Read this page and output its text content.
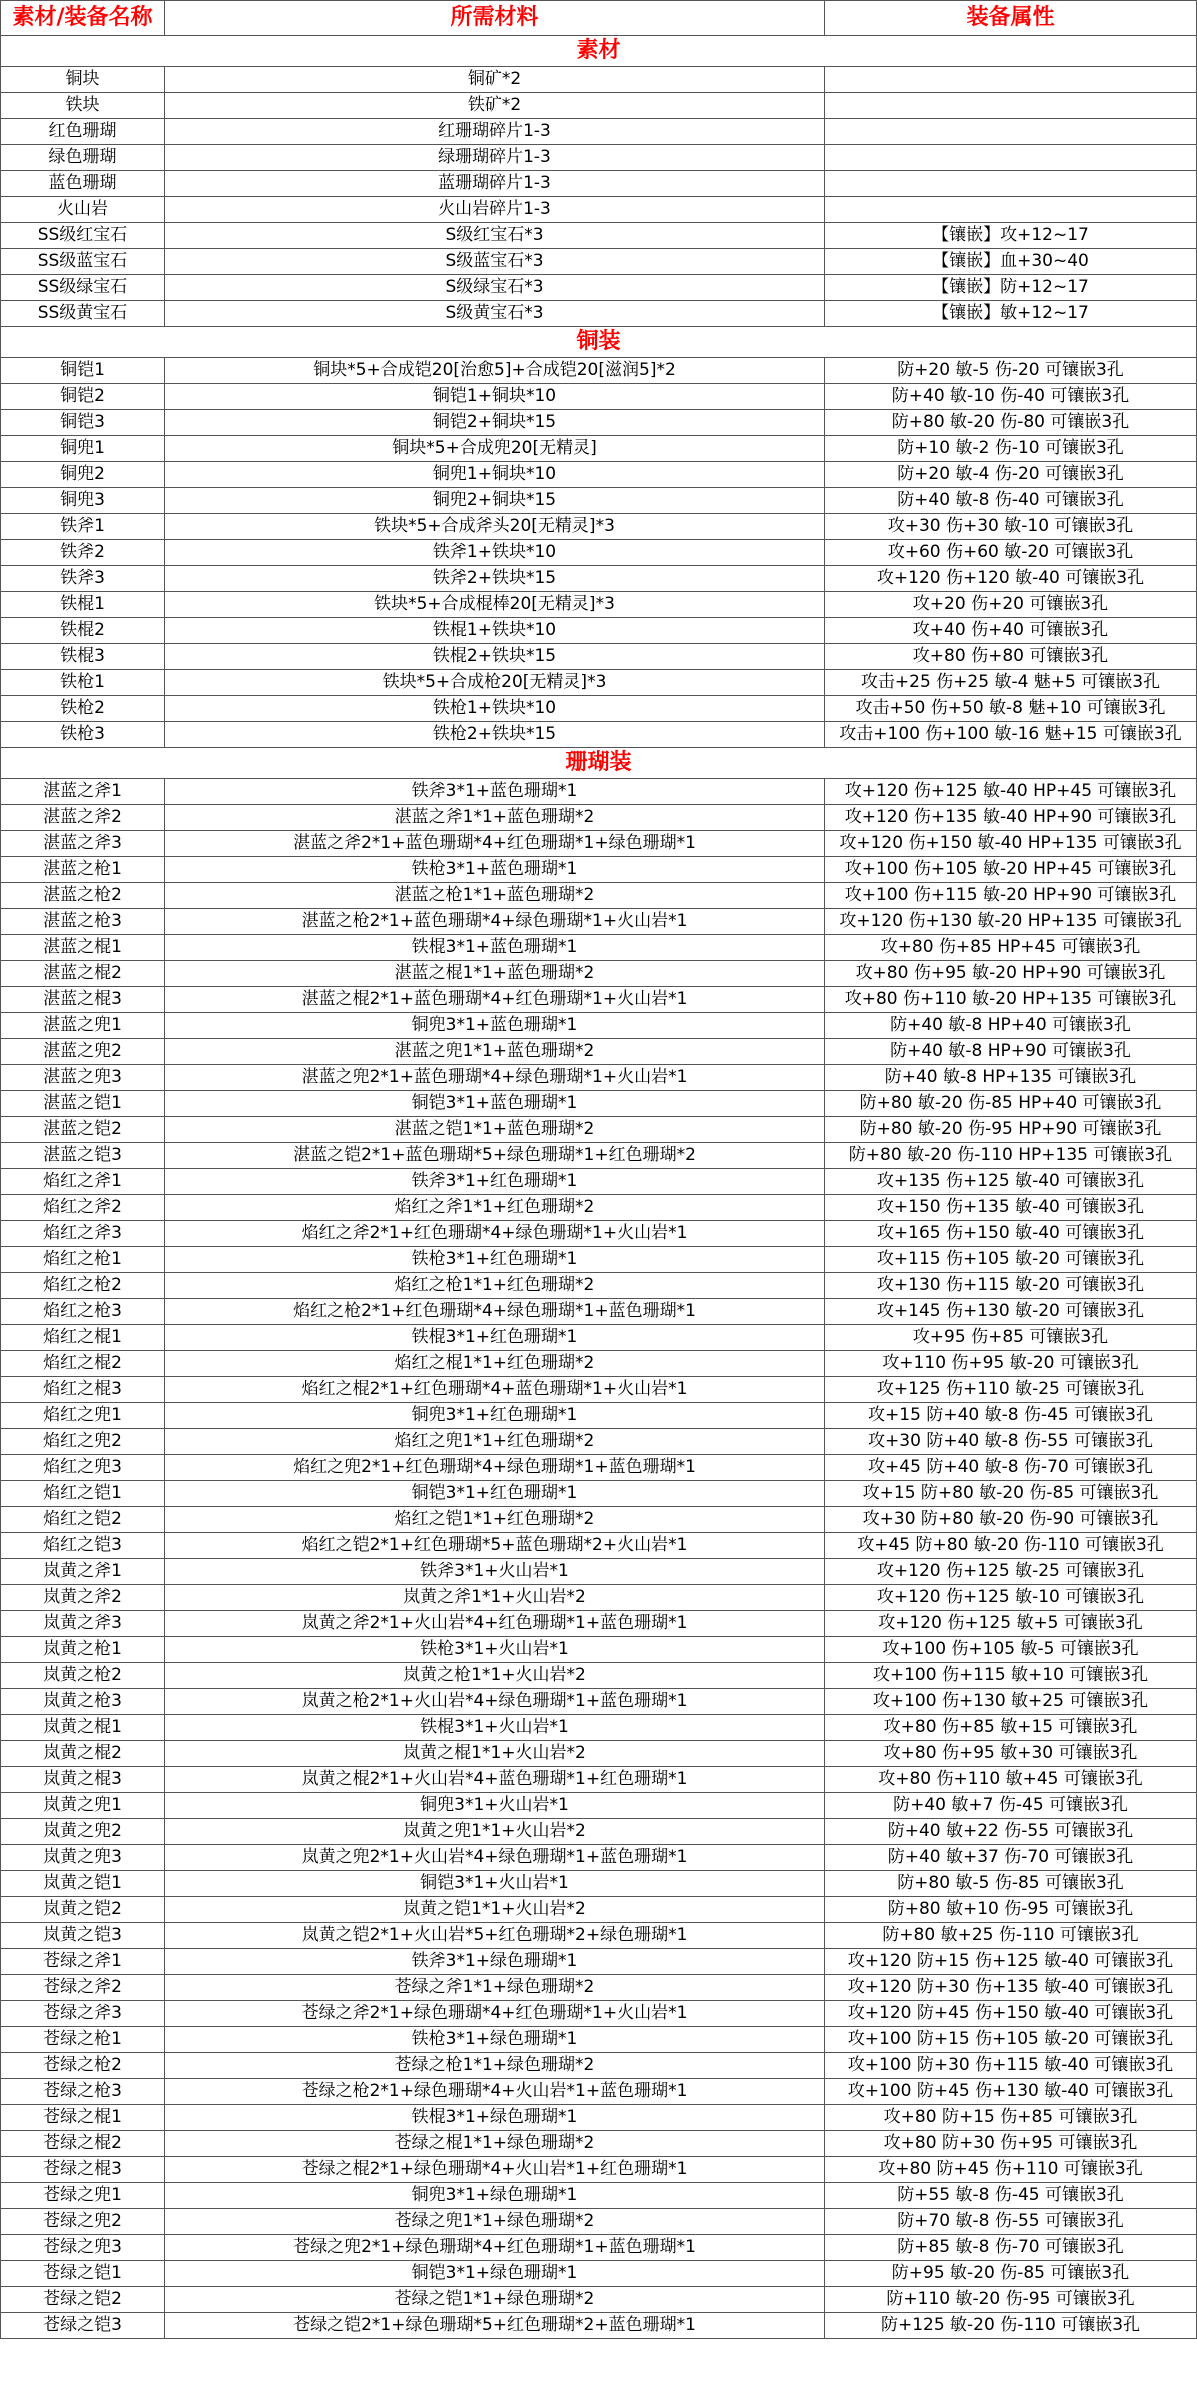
素材/装备名称	所需材料	装备属性
素材		
铜块	铜矿*2	
铁块	铁矿*2	
红色珊瑚	红珊瑚碎片1-3	
绿色珊瑚	绿珊瑚碎片1-3	
蓝色珊瑚	蓝珊瑚碎片1-3	
火山岩	火山岩碎片1-3	
SS级红宝石	S级红宝石*3	【镶嵌】攻+12~17
SS级蓝宝石	S级蓝宝石*3	【镶嵌】血+30~40
SS级绿宝石	S级绿宝石*3	【镶嵌】防+12~17
SS级黄宝石	S级黄宝石*3	【镶嵌】敏+12~17
铜装		
铜铠1	铜块*5+合成铠20[治愈5]+合成铠20[滋润5]*2	防+20 敏-5 伤-20 可镶嵌3孔
铜铠2	铜铠1+铜块*10	防+40 敏-10 伤-40 可镶嵌3孔
铜铠3	铜铠2+铜块*15	防+80 敏-20 伤-80 可镶嵌3孔
铜兜1	铜块*5+合成兜20[无精灵]	防+10 敏-2 伤-10 可镶嵌3孔
铜兜2	铜兜1+铜块*10	防+20 敏-4 伤-20 可镶嵌3孔
铜兜3	铜兜2+铜块*15	防+40 敏-8 伤-40 可镶嵌3孔
铁斧1	铁块*5+合成斧头20[无精灵]*3	攻+30 伤+30 敏-10 可镶嵌3孔
铁斧2	铁斧1+铁块*10	攻+60 伤+60 敏-20 可镶嵌3孔
铁斧3	铁斧2+铁块*15	攻+120 伤+120 敏-40 可镶嵌3孔
铁棍1	铁块*5+合成棍棒20[无精灵]*3	攻+20 伤+20 可镶嵌3孔
铁棍2	铁棍1+铁块*10	攻+40 伤+40 可镶嵌3孔
铁棍3	铁棍2+铁块*15	攻+80 伤+80 可镶嵌3孔
铁枪1	铁块*5+合成枪20[无精灵]*3	攻击+25 伤+25 敏-4 魅+5 可镶嵌3孔
铁枪2	铁枪1+铁块*10	攻击+50 伤+50 敏-8 魅+10 可镶嵌3孔
铁枪3	铁枪2+铁块*15	攻击+100 伤+100 敏-16 魅+15 可镶嵌3孔
珊瑚装		
湛蓝之斧1	铁斧3*1+蓝色珊瑚*1	攻+120 伤+125 敏-40 HP+45 可镶嵌3孔
湛蓝之斧2	湛蓝之斧1*1+蓝色珊瑚*2	攻+120 伤+135 敏-40 HP+90 可镶嵌3孔
湛蓝之斧3	湛蓝之斧2*1+蓝色珊瑚*4+红色珊瑚*1+绿色珊瑚*1	攻+120 伤+150 敏-40 HP+135 可镶嵌3孔
湛蓝之枪1	铁枪3*1+蓝色珊瑚*1	攻+100 伤+105 敏-20 HP+45 可镶嵌3孔
湛蓝之枪2	湛蓝之枪1*1+蓝色珊瑚*2	攻+100 伤+115 敏-20 HP+90 可镶嵌3孔
湛蓝之枪3	湛蓝之枪2*1+蓝色珊瑚*4+绿色珊瑚*1+火山岩*1	攻+120 伤+130 敏-20 HP+135 可镶嵌3孔
湛蓝之棍1	铁棍3*1+蓝色珊瑚*1	攻+80 伤+85 HP+45 可镶嵌3孔
湛蓝之棍2	湛蓝之棍1*1+蓝色珊瑚*2	攻+80 伤+95 敏-20 HP+90 可镶嵌3孔
湛蓝之棍3	湛蓝之棍2*1+蓝色珊瑚*4+红色珊瑚*1+火山岩*1	攻+80 伤+110 敏-20 HP+135 可镶嵌3孔
湛蓝之兜1	铜兜3*1+蓝色珊瑚*1	防+40 敏-8 HP+40 可镶嵌3孔
湛蓝之兜2	湛蓝之兜1*1+蓝色珊瑚*2	防+40 敏-8 HP+90 可镶嵌3孔
湛蓝之兜3	湛蓝之兜2*1+蓝色珊瑚*4+绿色珊瑚*1+火山岩*1	防+40 敏-8 HP+135 可镶嵌3孔
湛蓝之铠1	铜铠3*1+蓝色珊瑚*1	防+80 敏-20 伤-85 HP+40 可镶嵌3孔
湛蓝之铠2	湛蓝之铠1*1+蓝色珊瑚*2	防+80 敏-20 伤-95 HP+90 可镶嵌3孔
湛蓝之铠3	湛蓝之铠2*1+蓝色珊瑚*5+绿色珊瑚*1+红色珊瑚*2	防+80 敏-20 伤-110 HP+135 可镶嵌3孔
焰红之斧1	铁斧3*1+红色珊瑚*1	攻+135 伤+125 敏-40 可镶嵌3孔
焰红之斧2	焰红之斧1*1+红色珊瑚*2	攻+150 伤+135 敏-40 可镶嵌3孔
焰红之斧3	焰红之斧2*1+红色珊瑚*4+绿色珊瑚*1+火山岩*1	攻+165 伤+150 敏-40 可镶嵌3孔
焰红之枪1	铁枪3*1+红色珊瑚*1	攻+115 伤+105 敏-20 可镶嵌3孔
焰红之枪2	焰红之枪1*1+红色珊瑚*2	攻+130 伤+115 敏-20 可镶嵌3孔
焰红之枪3	焰红之枪2*1+红色珊瑚*4+绿色珊瑚*1+蓝色珊瑚*1	攻+145 伤+130 敏-20 可镶嵌3孔
焰红之棍1	铁棍3*1+红色珊瑚*1	攻+95 伤+85 可镶嵌3孔
焰红之棍2	焰红之棍1*1+红色珊瑚*2	攻+110 伤+95 敏-20 可镶嵌3孔
焰红之棍3	焰红之棍2*1+红色珊瑚*4+蓝色珊瑚*1+火山岩*1	攻+125 伤+110 敏-25 可镶嵌3孔
焰红之兜1	铜兜3*1+红色珊瑚*1	攻+15 防+40 敏-8 伤-45 可镶嵌3孔
焰红之兜2	焰红之兜1*1+红色珊瑚*2	攻+30 防+40 敏-8 伤-55 可镶嵌3孔
焰红之兜3	焰红之兜2*1+红色珊瑚*4+绿色珊瑚*1+蓝色珊瑚*1	攻+45 防+40 敏-8 伤-70 可镶嵌3孔
焰红之铠1	铜铠3*1+红色珊瑚*1	攻+15 防+80 敏-20 伤-85 可镶嵌3孔
焰红之铠2	焰红之铠1*1+红色珊瑚*2	攻+30 防+80 敏-20 伤-90 可镶嵌3孔
焰红之铠3	焰红之铠2*1+红色珊瑚*5+蓝色珊瑚*2+火山岩*1	攻+45 防+80 敏-20 伤-110 可镶嵌3孔
岚黄之斧1	铁斧3*1+火山岩*1	攻+120 伤+125 敏-25 可镶嵌3孔
岚黄之斧2	岚黄之斧1*1+火山岩*2	攻+120 伤+125 敏-10 可镶嵌3孔
岚黄之斧3	岚黄之斧2*1+火山岩*4+红色珊瑚*1+蓝色珊瑚*1	攻+120 伤+125 敏+5 可镶嵌3孔
岚黄之枪1	铁枪3*1+火山岩*1	攻+100 伤+105 敏-5 可镶嵌3孔
岚黄之枪2	岚黄之枪1*1+火山岩*2	攻+100 伤+115 敏+10 可镶嵌3孔
岚黄之枪3	岚黄之枪2*1+火山岩*4+绿色珊瑚*1+蓝色珊瑚*1	攻+100 伤+130 敏+25 可镶嵌3孔
岚黄之棍1	铁棍3*1+火山岩*1	攻+80 伤+85 敏+15 可镶嵌3孔
岚黄之棍2	岚黄之棍1*1+火山岩*2	攻+80 伤+95 敏+30 可镶嵌3孔
岚黄之棍3	岚黄之棍2*1+火山岩*4+蓝色珊瑚*1+红色珊瑚*1	攻+80 伤+110 敏+45 可镶嵌3孔
岚黄之兜1	铜兜3*1+火山岩*1	防+40 敏+7 伤-45 可镶嵌3孔
岚黄之兜2	岚黄之兜1*1+火山岩*2	防+40 敏+22 伤-55 可镶嵌3孔
岚黄之兜3	岚黄之兜2*1+火山岩*4+绿色珊瑚*1+蓝色珊瑚*1	防+40 敏+37 伤-70 可镶嵌3孔
岚黄之铠1	铜铠3*1+火山岩*1	防+80 敏-5 伤-85 可镶嵌3孔
岚黄之铠2	岚黄之铠1*1+火山岩*2	防+80 敏+10 伤-95 可镶嵌3孔
岚黄之铠3	岚黄之铠2*1+火山岩*5+红色珊瑚*2+绿色珊瑚*1	防+80 敏+25 伤-110 可镶嵌3孔
苍绿之斧1	铁斧3*1+绿色珊瑚*1	攻+120 防+15 伤+125 敏-40 可镶嵌3孔
苍绿之斧2	苍绿之斧1*1+绿色珊瑚*2	攻+120 防+30 伤+135 敏-40 可镶嵌3孔
苍绿之斧3	苍绿之斧2*1+绿色珊瑚*4+红色珊瑚*1+火山岩*1	攻+120 防+45 伤+150 敏-40 可镶嵌3孔
苍绿之枪1	铁枪3*1+绿色珊瑚*1	攻+100 防+15 伤+105 敏-20 可镶嵌3孔
苍绿之枪2	苍绿之枪1*1+绿色珊瑚*2	攻+100 防+30 伤+115 敏-40 可镶嵌3孔
苍绿之枪3	苍绿之枪2*1+绿色珊瑚*4+火山岩*1+蓝色珊瑚*1	攻+100 防+45 伤+130 敏-40 可镶嵌3孔
苍绿之棍1	铁棍3*1+绿色珊瑚*1	攻+80 防+15 伤+85 可镶嵌3孔
苍绿之棍2	苍绿之棍1*1+绿色珊瑚*2	攻+80 防+30 伤+95 可镶嵌3孔
苍绿之棍3	苍绿之棍2*1+绿色珊瑚*4+火山岩*1+红色珊瑚*1	攻+80 防+45 伤+110 可镶嵌3孔
苍绿之兜1	铜兜3*1+绿色珊瑚*1	防+55 敏-8 伤-45 可镶嵌3孔
苍绿之兜2	苍绿之兜1*1+绿色珊瑚*2	防+70 敏-8 伤-55 可镶嵌3孔
苍绿之兜3	苍绿之兜2*1+绿色珊瑚*4+红色珊瑚*1+蓝色珊瑚*1	防+85 敏-8 伤-70 可镶嵌3孔
苍绿之铠1	铜铠3*1+绿色珊瑚*1	防+95 敏-20 伤-85 可镶嵌3孔
苍绿之铠2	苍绿之铠1*1+绿色珊瑚*2	防+110 敏-20 伤-95 可镶嵌3孔
苍绿之铠3	苍绿之铠2*1+绿色珊瑚*5+红色珊瑚*2+蓝色珊瑚*1	防+125 敏-20 伤-110 可镶嵌3孔
